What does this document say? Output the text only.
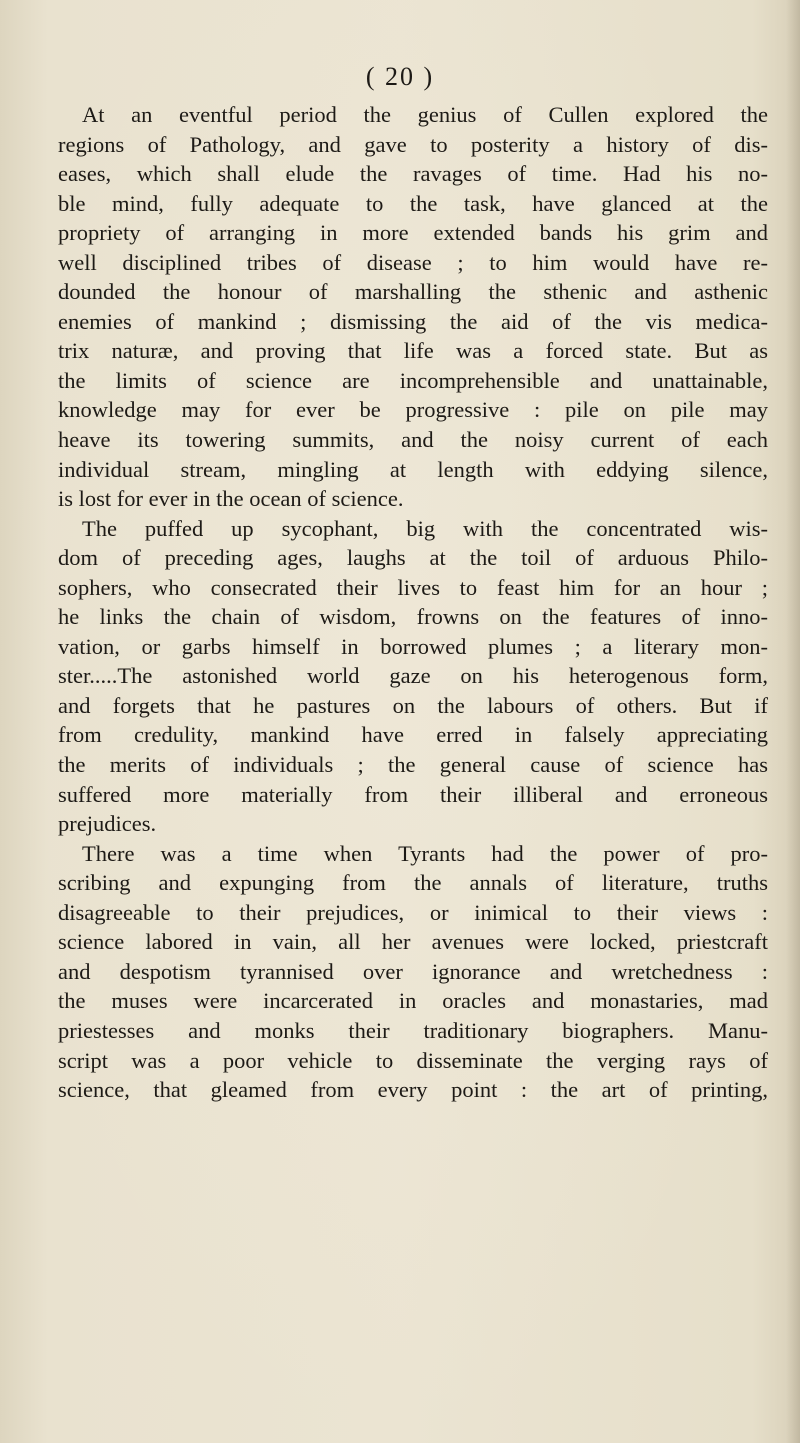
( 20 )
At an eventful period the genius of Cullen explored the
regions of Pathology, and gave to posterity a history of dis-
eases, which shall elude the ravages of time. Had his no-
ble mind, fully adequate to the task, have glanced at the
propriety of arranging in more extended bands his grim and
well disciplined tribes of disease ; to him would have re-
dounded the honour of marshalling the sthenic and asthenic
enemies of mankind ; dismissing the aid of the vis medica-
trix naturæ, and proving that life was a forced state. But as
the limits of science are incomprehensible and unattainable,
knowledge may for ever be progressive : pile on pile may
heave its towering summits, and the noisy current of each
individual stream, mingling at length with eddying silence,
is lost for ever in the ocean of science.
The puffed up sycophant, big with the concentrated wis-
dom of preceding ages, laughs at the toil of arduous Philo-
sophers, who consecrated their lives to feast him for an hour ;
he links the chain of wisdom, frowns on the features of inno-
vation, or garbs himself in borrowed plumes ; a literary mon-
ster.....The astonished world gaze on his heterogenous form,
and forgets that he pastures on the labours of others. But if
from credulity, mankind have erred in falsely appreciating
the merits of individuals ; the general cause of science has
suffered more materially from their illiberal and erroneous
prejudices.
There was a time when Tyrants had the power of pro-
scribing and expunging from the annals of literature, truths
disagreeable to their prejudices, or inimical to their views :
science labored in vain, all her avenues were locked, priestcraft
and despotism tyrannised over ignorance and wretchedness :
the muses were incarcerated in oracles and monastaries, mad
priestesses and monks their traditionary biographers. Manu-
script was a poor vehicle to disseminate the verging rays of
science, that gleamed from every point : the art of printing,
